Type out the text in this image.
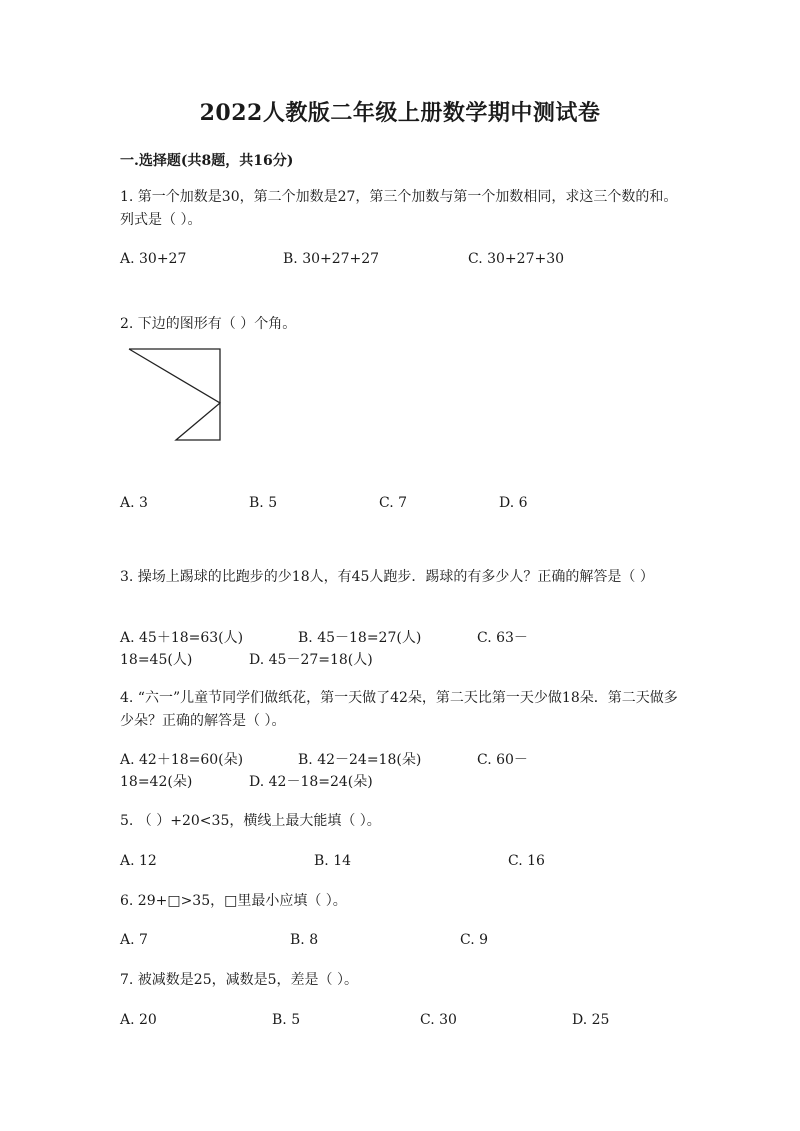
2022人教版二年级上册数学期中测试卷
一.选择题(共8题，共16分)
1. 第一个加数是30，第二个加数是27，第三个加数与第一个加数相同，求这三个数的和。列式是（ ）。
A. 30+27	B. 30+27+27	C. 30+27+30
2. 下边的图形有（ ）个角。
A. 3	B. 5	C. 7	D. 6
3. 操场上踢球的比跑步的少18人，有45人跑步．踢球的有多少人？正确的解答是（ ）
A. 45＋18=63(人)	B. 45－18=27(人)	C. 63－
18=45(人)	D. 45－27=18(人)
4. “六一”儿童节同学们做纸花，第一天做了42朵，第二天比第一天少做18朵．第二天做多少朵？正确的解答是（ ）。
A. 42＋18=60(朵)	B. 42－24=18(朵)	C. 60－
18=42(朵)	D. 42－18=24(朵)
5. （ ）+20<35，横线上最大能填（ ）。
A. 12	B. 14	C. 16
6. 29+□>35，□里最小应填（ ）。
A. 7	B. 8	C. 9
7. 被减数是25，减数是5，差是（ ）。
A. 20	B. 5	C. 30	D. 25
